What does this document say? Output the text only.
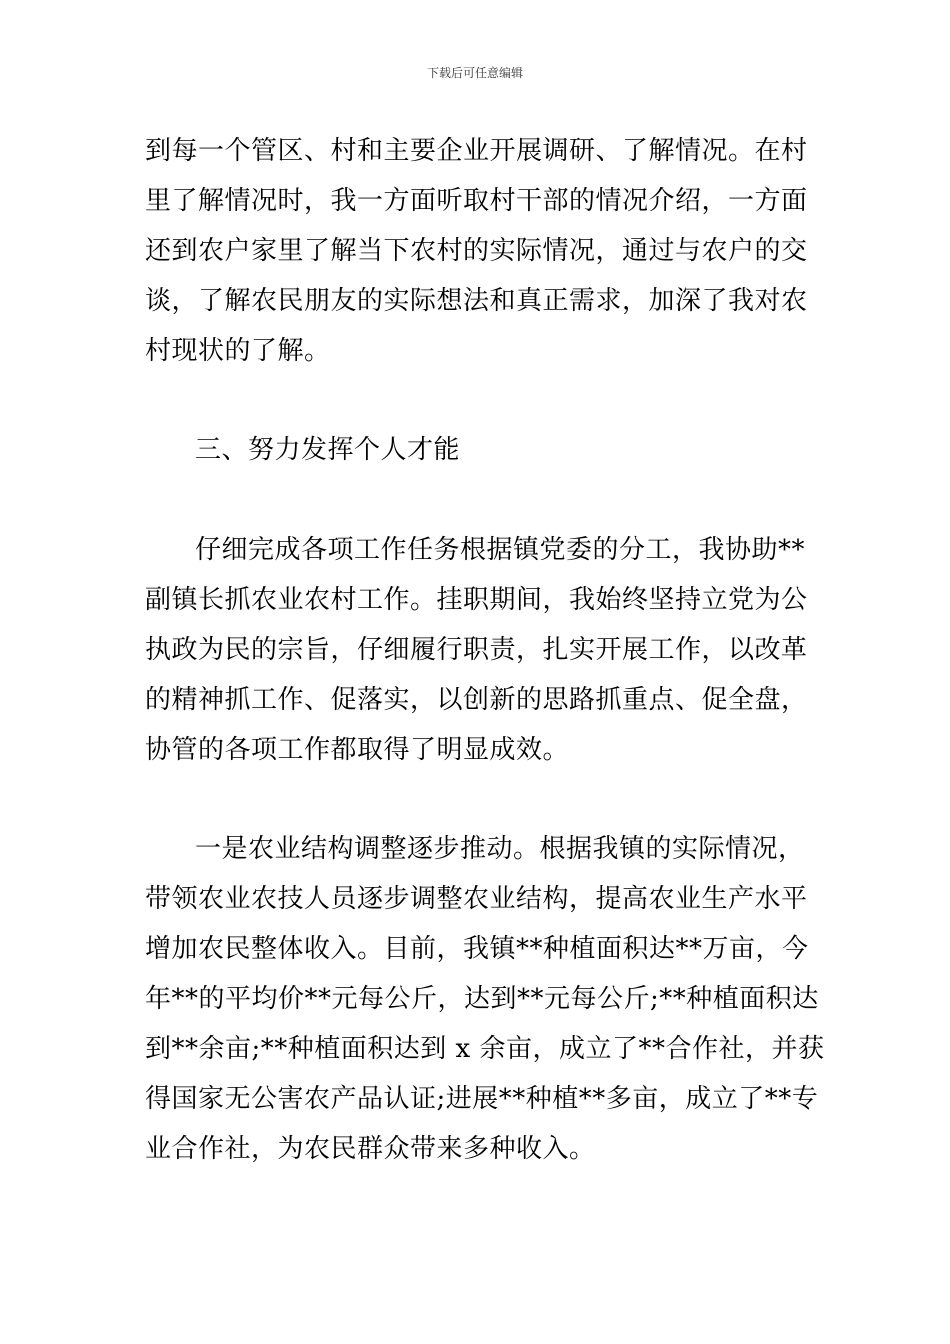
下载后可任意编辑
到每一个管区、村和主要企业开展调研、了解情况。在村
里了解情况时，我一方面听取村干部的情况介绍，一方面
还到农户家里了解当下农村的实际情况，通过与农户的交
谈，了解农民朋友的实际想法和真正需求，加深了我对农
村现状的了解。
三、努力发挥个人才能
仔细完成各项工作任务根据镇党委的分工，我协助**
副镇长抓农业农村工作。挂职期间，我始终坚持立党为公
执政为民的宗旨，仔细履行职责，扎实开展工作，以改革
的精神抓工作、促落实，以创新的思路抓重点、促全盘，
协管的各项工作都取得了明显成效。
一是农业结构调整逐步推动。根据我镇的实际情况，
带领农业农技人员逐步调整农业结构，提高农业生产水平
增加农民整体收入。目前，我镇**种植面积达**万亩，今
年**的平均价**元每公斤，达到**元每公斤;**种植面积达
到**余亩;**种植面积达到 x 余亩，成立了**合作社，并获
得国家无公害农产品认证;进展**种植**多亩，成立了**专
业合作社，为农民群众带来多种收入。
